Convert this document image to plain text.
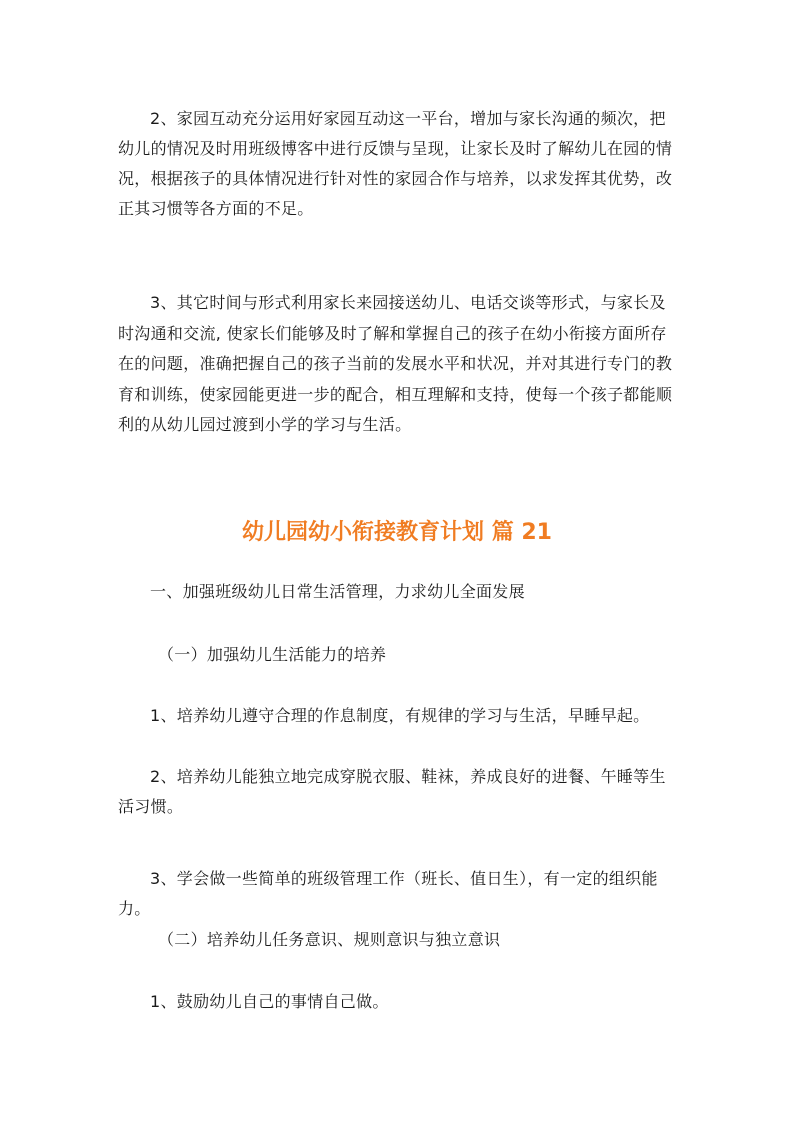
2、家园互动充分运用好家园互动这一平台，增加与家长沟通的频次，把幼儿的情况及时用班级博客中进行反馈与呈现，让家长及时了解幼儿在园的情况，根据孩子的具体情况进行针对性的家园合作与培养，以求发挥其优势，改正其习惯等各方面的不足。

3、其它时间与形式利用家长来园接送幼儿、电话交谈等形式，与家长及时沟通和交流, 使家长们能够及时了解和掌握自己的孩子在幼小衔接方面所存在的问题，准确把握自己的孩子当前的发展水平和状况，并对其进行专门的教育和训练，使家园能更进一步的配合，相互理解和支持，使每一个孩子都能顺利的从幼儿园过渡到小学的学习与生活。

幼儿园幼小衔接教育计划 篇 21

一、加强班级幼儿日常生活管理，力求幼儿全面发展

（一）加强幼儿生活能力的培养

1、培养幼儿遵守合理的作息制度，有规律的学习与生活，早睡早起。

2、培养幼儿能独立地完成穿脱衣服、鞋袜，养成良好的进餐、午睡等生活习惯。

3、学会做一些简单的班级管理工作（班长、值日生），有一定的组织能力。

（二）培养幼儿任务意识、规则意识与独立意识

1、鼓励幼儿自己的事情自己做。
